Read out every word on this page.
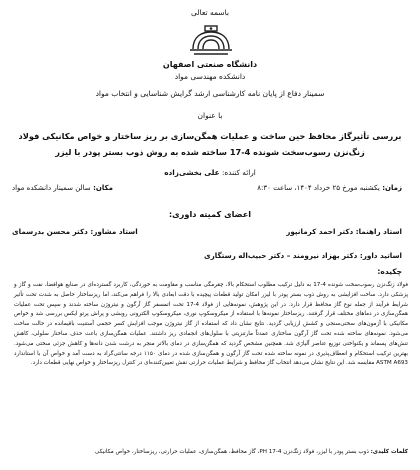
باسمه تعالی
دانشگاه صنعتی اصفهان
دانشکده مهندسی مواد
سمینار دفاع از پایان نامه کارشناسی ارشد گرایش شناسایی و انتخاب مواد
با عنوان
بررسی تأثیرگاز محافظ حین ساخت و عملیات همگن‌سازی بر ریز ساختار و خواص مکانیکی فولاد زنگ‌نزن رسوب‌سخت شونده 4-17 ساخته شده به روش ذوب بستر پودر با لیزر
ارائه کننده: علی بخشی‌زاده
زمان: یکشنبه مورخ ۲۵ خرداد ۱۴۰۴، ساعت ۸:۳۰
مکان: سالن سمینار دانشکده مواد
اعضای کمیته داوری:
استاد راهنما: دکتر احمد کرمانپور
استاد مشاور: دکتر محسن بدرسمای
اساتید داور: دکتر بهزاد نیرومند – دکتر حبیب‌اله رستگاری
چکیده:
فولاد زنگ‌نزن رسوب‌سخت شونده 4-17 به دلیل ترکیب مطلوب استحکام بالا، چقرمگی مناسب و مقاومت به خوردگی، کاربرد گسترده‌ای در صنایع هوافضا، نفت و گاز و پزشکی دارد. ساخت افزایشی به روش ذوب بستر پودر با لیزر امکان تولید قطعات پیچیده با دقت ابعادی بالا را فراهم می‌کند، اما ریزساختار حاصل به شدت تحت تأثیر شرایط فرآیند از جمله نوع گاز محافظ قرار دارد. در این پژوهش، نمونه‌هایی از فولاد 4-17 تحت اتمسفر گاز آرگون و نیتروژن ساخته شدند و سپس تحت عملیات همگن‌سازی در دماهای مختلف قرار گرفتند. ریزساختار نمونه‌ها با استفاده از میکروسکوپ نوری، میکروسکوپ الکترونی روبشی و پراش پرتو ایکس بررسی شد و خواص مکانیکی با آزمون‌های سختی‌سنجی و کشش ارزیابی گردید. نتایج نشان داد که استفاده از گاز نیتروژن موجب افزایش کسر حجمی آستنیت باقیمانده در حالت ساخت می‌شود. نمونه‌های ساخته شده تحت گاز آرگون ساختاری عمدتاً مارتنزیتی با سلول‌های انجمادی ریز داشتند. عملیات همگن‌سازی باعث حذف ساختار سلولی، کاهش تنش‌های پسماند و یکنواختی توزیع عناصر آلیاژی شد. همچنین مشخص گردید که همگن‌سازی در دمای بالاتر منجر به درشت شدن دانه‌ها و کاهش جزئی سختی می‌شود. بهترین ترکیب استحکام و انعطاف‌پذیری در نمونه ساخته شده تحت گاز آرگون و همگن‌سازی شده در دمای ۱۱۵۰ درجه سانتی‌گراد به دست آمد و خواص آن با استاندارد ASTM A693 مقایسه شد. این نتایج نشان می‌دهد انتخاب گاز محافظ و شرایط عملیات حرارتی نقش تعیین‌کننده‌ای در کنترل ریزساختار و خواص نهایی قطعات دارد.
کلمات کلیدی: ذوب بستر پودر با لیزر، فولاد زنگ‌نزن 4-17 PH، گاز محافظ، همگن‌سازی، عملیات حرارتی، ریزساختار، خواص مکانیکی
